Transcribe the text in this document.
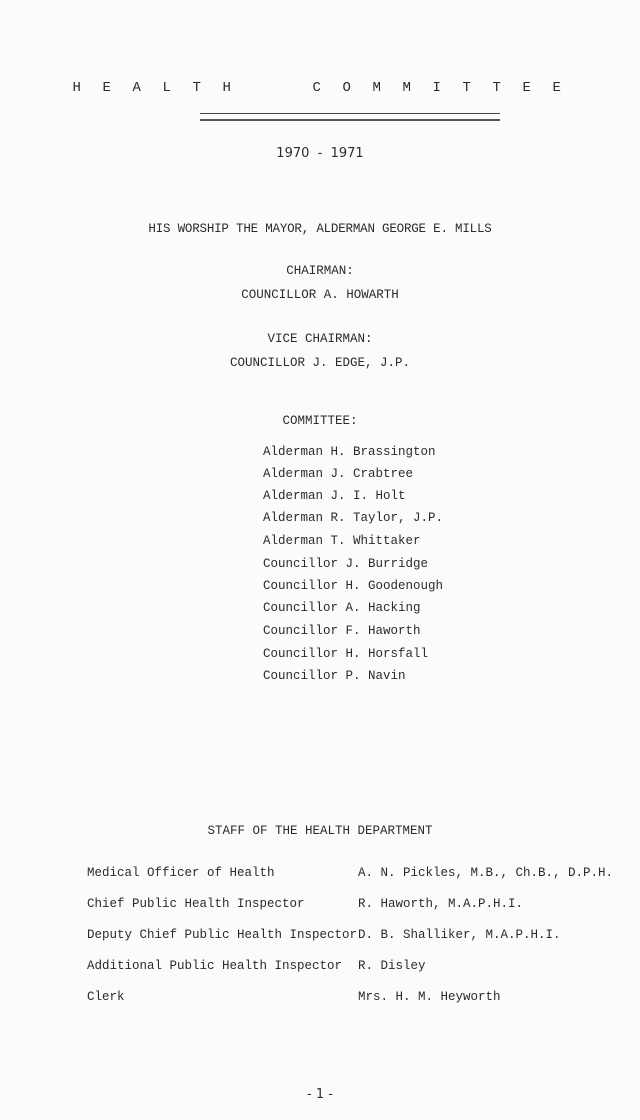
H E A L T H     C O M M I T T E E
1970  -  1971
HIS WORSHIP THE MAYOR, ALDERMAN GEORGE E. MILLS
CHAIRMAN:
COUNCILLOR A. HOWARTH
VICE CHAIRMAN:
COUNCILLOR J. EDGE, J.P.
COMMITTEE:
Alderman H. Brassington
Alderman J. Crabtree
Alderman J. I. Holt
Alderman R. Taylor, J.P.
Alderman T. Whittaker
Councillor J. Burridge
Councillor H. Goodenough
Councillor A. Hacking
Councillor F. Haworth
Councillor H. Horsfall
Councillor P. Navin
STAFF OF THE HEALTH DEPARTMENT
Medical Officer of Health	A. N. Pickles, M.B., Ch.B., D.P.H.
Chief Public Health Inspector	R. Haworth, M.A.P.H.I.
Deputy Chief Public Health Inspector D. B. Shalliker, M.A.P.H.I.
Additional Public Health Inspector R. Disley
Clerk	Mrs. H. M. Heyworth
- 1 -
